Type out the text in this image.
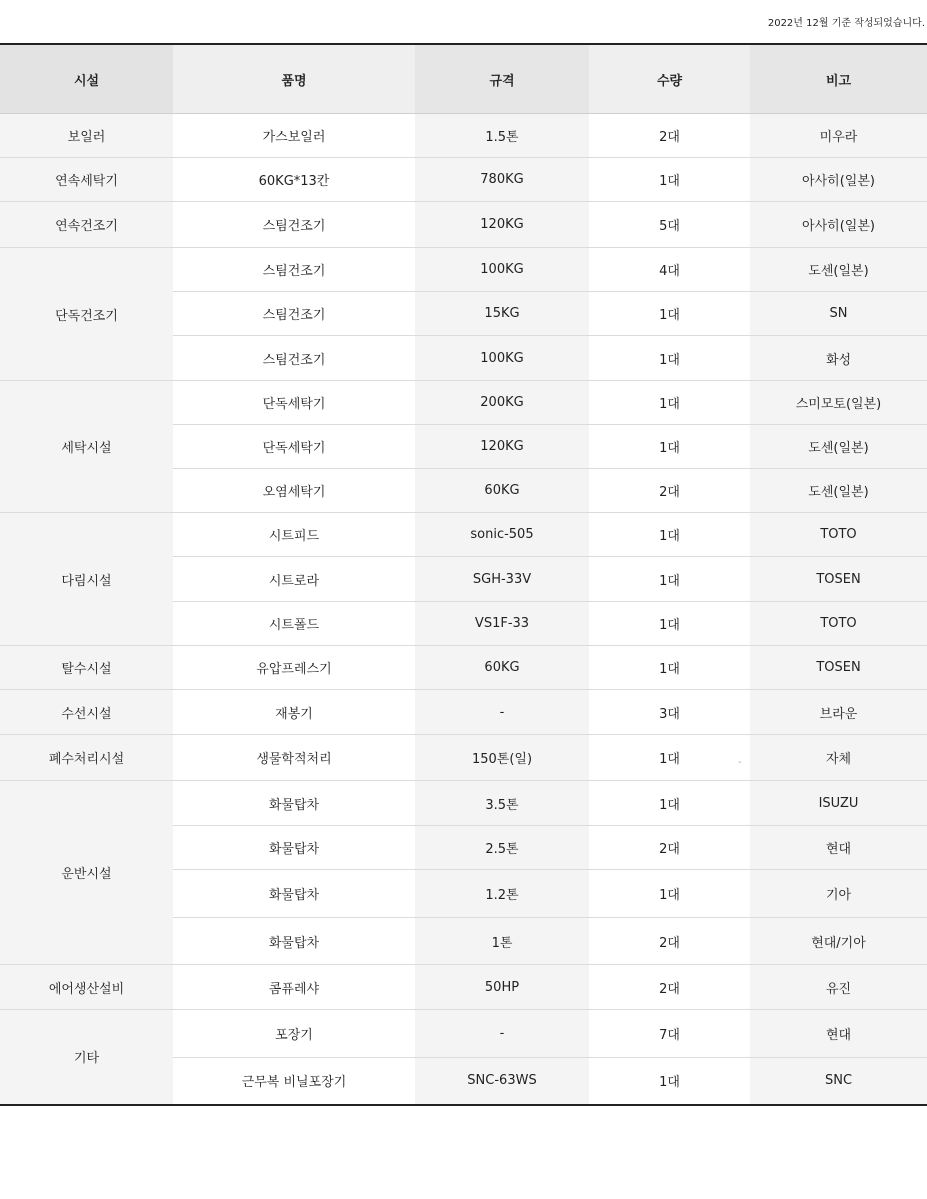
2022년 12월 기준 작성되었습니다.
시설	품명	규격	수량	비고
보일러	가스보일러	1.5톤	2대	미우라
연속세탁기	60KG*13칸	780KG	1대	아사히(일본)
연속건조기	스팀건조기	120KG	5대	아사히(일본)
단독건조기	스팀건조기	100KG	4대	도센(일본)
	스팀건조기	15KG	1대	SN
	스팀건조기	100KG	1대	화성
세탁시설	단독세탁기	200KG	1대	스미모토(일본)
	단독세탁기	120KG	1대	도센(일본)
	오염세탁기	60KG	2대	도센(일본)
다림시설	시트피드	sonic-505	1대	TOTO
	시트로라	SGH-33V	1대	TOSEN
	시트폴드	VS1F-33	1대	TOTO
탈수시설	유압프레스기	60KG	1대	TOSEN
수선시설	재봉기	-	3대	브라운
폐수처리시설	생물학적처리	150톤(일)	1대	자체
운반시설	화물탑차	3.5톤	1대	ISUZU
	화물탑차	2.5톤	2대	현대
	화물탑차	1.2톤	1대	기아
	화물탑차	1톤	2대	현대/기아
에어생산설비	콤퓨레샤	50HP	2대	유진
기타	포장기	-	7대	현대
	근무복 비닐포장기	SNC-63WS	1대	SNC
-
